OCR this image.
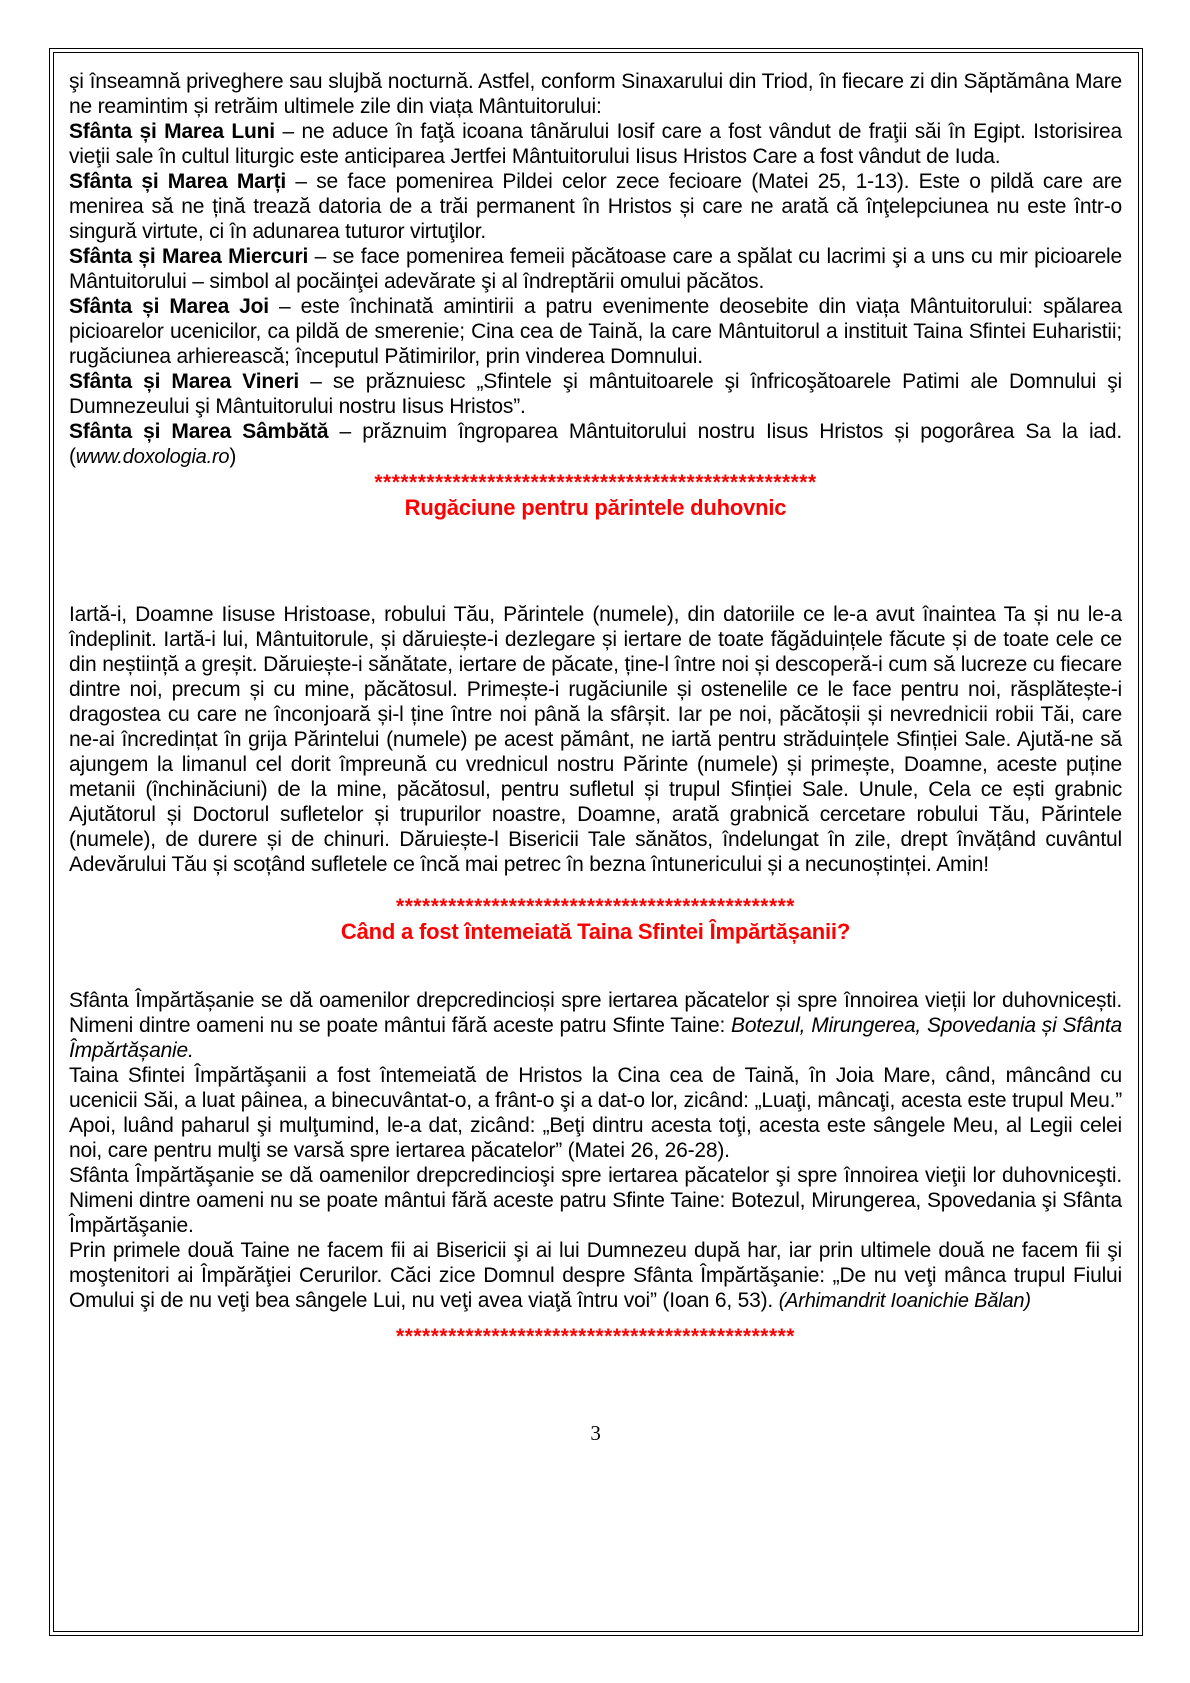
şi înseamnă priveghere sau slujbă nocturnă. Astfel, conform Sinaxarului din Triod, în fiecare zi din Săptămâna Mare ne reamintim și retrăim ultimele zile din viața Mântuitorului:

Sfânta și Marea Luni – ne aduce în faţă icoana tânărului Iosif care a fost vândut de fraţii săi în Egipt. Istorisirea vieţii sale în cultul liturgic este anticiparea Jertfei Mântuitorului Iisus Hristos Care a fost vândut de Iuda.

Sfânta și Marea Marți – se face pomenirea Pildei celor zece fecioare (Matei 25, 1-13). Este o pildă care are menirea să ne țină trează datoria de a trăi permanent în Hristos și care ne arată că înţelepciunea nu este într-o singură virtute, ci în adunarea tuturor virtuţilor.

Sfânta și Marea Miercuri – se face pomenirea femeii păcătoase care a spălat cu lacrimi şi a uns cu mir picioarele Mântuitorului – simbol al pocăinţei adevărate şi al îndreptării omului păcătos.

Sfânta și Marea Joi – este închinată amintirii a patru evenimente deosebite din viața Mântuitorului: spălarea picioarelor ucenicilor, ca pildă de smerenie; Cina cea de Taină, la care Mântuitorul a instituit Taina Sfintei Euharistii; rugăciunea arhierească; începutul Pătimirilor, prin vinderea Domnului.

Sfânta și Marea Vineri – se prăznuiesc „Sfintele şi mântuitoarele şi înfricoşătoarele Patimi ale Domnului şi Dumnezeului şi Mântuitorului nostru Iisus Hristos”.

Sfânta și Marea Sâmbătă – prăznuim îngroparea Mântuitorului nostru Iisus Hristos și pogorârea Sa la iad. (www.doxologia.ro)

***************************************************
Rugăciune pentru părintele duhovnic

Iartă-i, Doamne Iisuse Hristoase, robului Tău, Părintele (numele), din datoriile ce le-a avut înaintea Ta și nu le-a îndeplinit. Iartă-i lui, Mântuitorule, și dăruiește-i dezlegare și iertare de toate făgăduințele făcute și de toate cele ce din neștiință a greșit. Dăruiește-i sănătate, iertare de păcate, ține-l între noi și descoperă-i cum să lucreze cu fiecare dintre noi, precum și cu mine, păcătosul. Primește-i rugăciunile și ostenelile ce le face pentru noi, răsplătește-i dragostea cu care ne înconjoară și-l ține între noi până la sfârșit. Iar pe noi, păcătoșii și nevrednicii robii Tăi, care ne-ai încredințat în grija Părintelui (numele) pe acest pământ, ne iartă pentru străduințele Sfinției Sale. Ajută-ne să ajungem la limanul cel dorit împreună cu vrednicul nostru Părinte (numele) și primește, Doamne, aceste puține metanii (închinăciuni) de la mine, păcătosul, pentru sufletul și trupul Sfinției Sale. Unule, Cela ce ești grabnic Ajutătorul și Doctorul sufletelor și trupurilor noastre, Doamne, arată grabnică cercetare robului Tău, Părintele (numele), de durere și de chinuri. Dăruiește-l Bisericii Tale sănătos, îndelungat în zile, drept învățând cuvântul Adevărului Tău și scoțând sufletele ce încă mai petrec în bezna întunericului și a necunoștinței. Amin!

**********************************************
Când a fost întemeiată Taina Sfintei Împărtășanii?

Sfânta Împărtășanie se dă oamenilor drepcredincioși spre iertarea păcatelor și spre înnoirea vieții lor duhovnicești. Nimeni dintre oameni nu se poate mântui fără aceste patru Sfinte Taine: Botezul, Mirungerea, Spovedania și Sfânta Împărtășanie.

Taina Sfintei Împărtăşanii a fost întemeiată de Hristos la Cina cea de Taină, în Joia Mare, când, mâncând cu ucenicii Săi, a luat pâinea, a binecuvântat-o, a frânt-o şi a dat-o lor, zicând: „Luaţi, mâncaţi, acesta este trupul Meu.” Apoi, luând paharul şi mulţumind, le-a dat, zicând: „Beţi dintru acesta toţi, acesta este sângele Meu, al Legii celei noi, care pentru mulţi se varsă spre iertarea păcatelor” (Matei 26, 26-28).

Sfânta Împărtăşanie se dă oamenilor drepcredincioşi spre iertarea păcatelor şi spre înnoirea vieţii lor duhovniceşti. Nimeni dintre oameni nu se poate mântui fără aceste patru Sfinte Taine: Botezul, Mirungerea, Spovedania şi Sfânta Împărtăşanie.

Prin primele două Taine ne facem fii ai Bisericii şi ai lui Dumnezeu după har, iar prin ultimele două ne facem fii şi moştenitori ai Împărăţiei Cerurilor. Căci zice Domnul despre Sfânta Împărtăşanie: „De nu veţi mânca trupul Fiului Omului şi de nu veţi bea sângele Lui, nu veţi avea viaţă întru voi” (Ioan 6, 53). (Arhimandrit Ioanichie Bălan)

**********************************************
3
